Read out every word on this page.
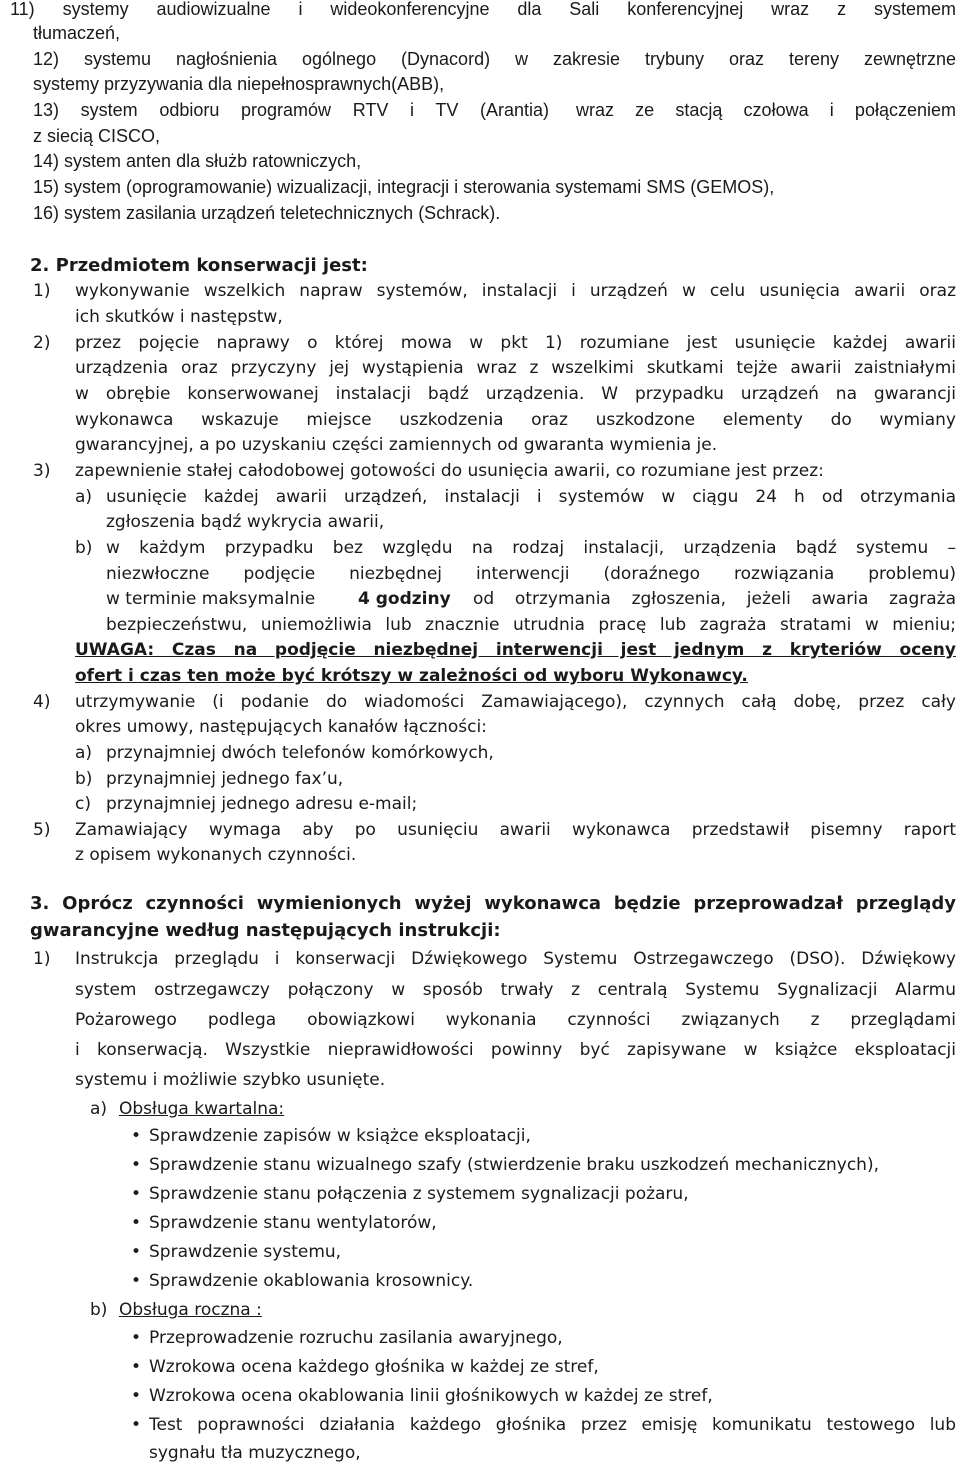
11) systemy audiowizualne i wideokonferencyjne dla Sali konferencyjnej wraz z systemem

tłumaczeń,

12) systemu nagłośnienia ogólnego (Dynacord) w zakresie trybuny oraz tereny zewnętrzne

systemy przyzywania dla niepełnosprawnych(ABB),

13) system odbioru programów RTV i TV (Arantia) wraz ze stacją czołowa i połączeniem

z siecią CISCO,

14) system anten dla służb ratowniczych,

15) system (oprogramowanie) wizualizacji, integracji i sterowania systemami SMS (GEMOS),

16) system zasilania urządzeń teletechnicznych (Schrack).

2. Przedmiotem konserwacji jest:

1) wykonywanie wszelkich napraw systemów, instalacji i urządzeń w celu usunięcia awarii oraz

ich skutków i następstw,

2) przez pojęcie naprawy o której mowa w pkt 1) rozumiane jest usunięcie każdej awarii

urządzenia oraz przyczyny jej wystąpienia wraz z wszelkimi skutkami tejże awarii zaistniałymi

w obrębie konserwowanej instalacji bądź urządzenia. W przypadku urządzeń na gwarancji

wykonawca wskazuje miejsce uszkodzenia oraz uszkodzone elementy do wymiany

gwarancyjnej, a po uzyskaniu części zamiennych od gwaranta wymienia je.

3) zapewnienie stałej całodobowej gotowości do usunięcia awarii, co rozumiane jest przez:

a) usunięcie każdej awarii urządzeń, instalacji i systemów w ciągu 24 h od otrzymania

zgłoszenia bądź wykrycia awarii,

b) w każdym przypadku bez względu na rodzaj instalacji, urządzenia bądź systemu –

niezwłoczne podjęcie niezbędnej interwencji (doraźnego rozwiązania problemu)

w terminie maksymalnie	4 godziny od otrzymania zgłoszenia, jeżeli awaria zagraża

bezpieczeństwu, uniemożliwia lub znacznie utrudnia pracę lub zagraża stratami w mieniu;

UWAGA: Czas na podjęcie niezbędnej interwencji jest jednym z kryteriów oceny

ofert i czas ten może być krótszy w zależności od wyboru Wykonawcy.

4) utrzymywanie (i podanie do wiadomości Zamawiającego), czynnych całą dobę, przez cały

okres umowy, następujących kanałów łączności:

a) przynajmniej dwóch telefonów komórkowych,

b) przynajmniej jednego fax’u,

c) przynajmniej jednego adresu e-mail;

5) Zamawiający wymaga aby po usunięciu awarii wykonawca przedstawił pisemny raport

z opisem wykonanych czynności.

3. Oprócz czynności wymienionych wyżej wykonawca będzie przeprowadzał przeglądy

gwarancyjne według następujących instrukcji:

1) Instrukcja przeglądu i konserwacji Dźwiękowego Systemu Ostrzegawczego (DSO). Dźwiękowy

system ostrzegawczy połączony w sposób trwały z centralą Systemu Sygnalizacji Alarmu

Pożarowego podlega obowiązkowi wykonania czynności związanych z przeglądami

i konserwacją. Wszystkie nieprawidłowości powinny być zapisywane w książce eksploatacji

systemu i możliwie szybko usunięte.

a) Obsługa kwartalna:

• Sprawdzenie zapisów w książce eksploatacji,

• Sprawdzenie stanu wizualnego szafy (stwierdzenie braku uszkodzeń mechanicznych),

• Sprawdzenie stanu połączenia z systemem sygnalizacji pożaru,

• Sprawdzenie stanu wentylatorów,

• Sprawdzenie systemu,

• Sprawdzenie okablowania krosownicy.

b) Obsługa roczna :

• Przeprowadzenie rozruchu zasilania awaryjnego,

• Wzrokowa ocena każdego głośnika w każdej ze stref,

• Wzrokowa ocena okablowania linii głośnikowych w każdej ze stref,

• Test poprawności działania każdego głośnika przez emisję komunikatu testowego lub

sygnału tła muzycznego,
